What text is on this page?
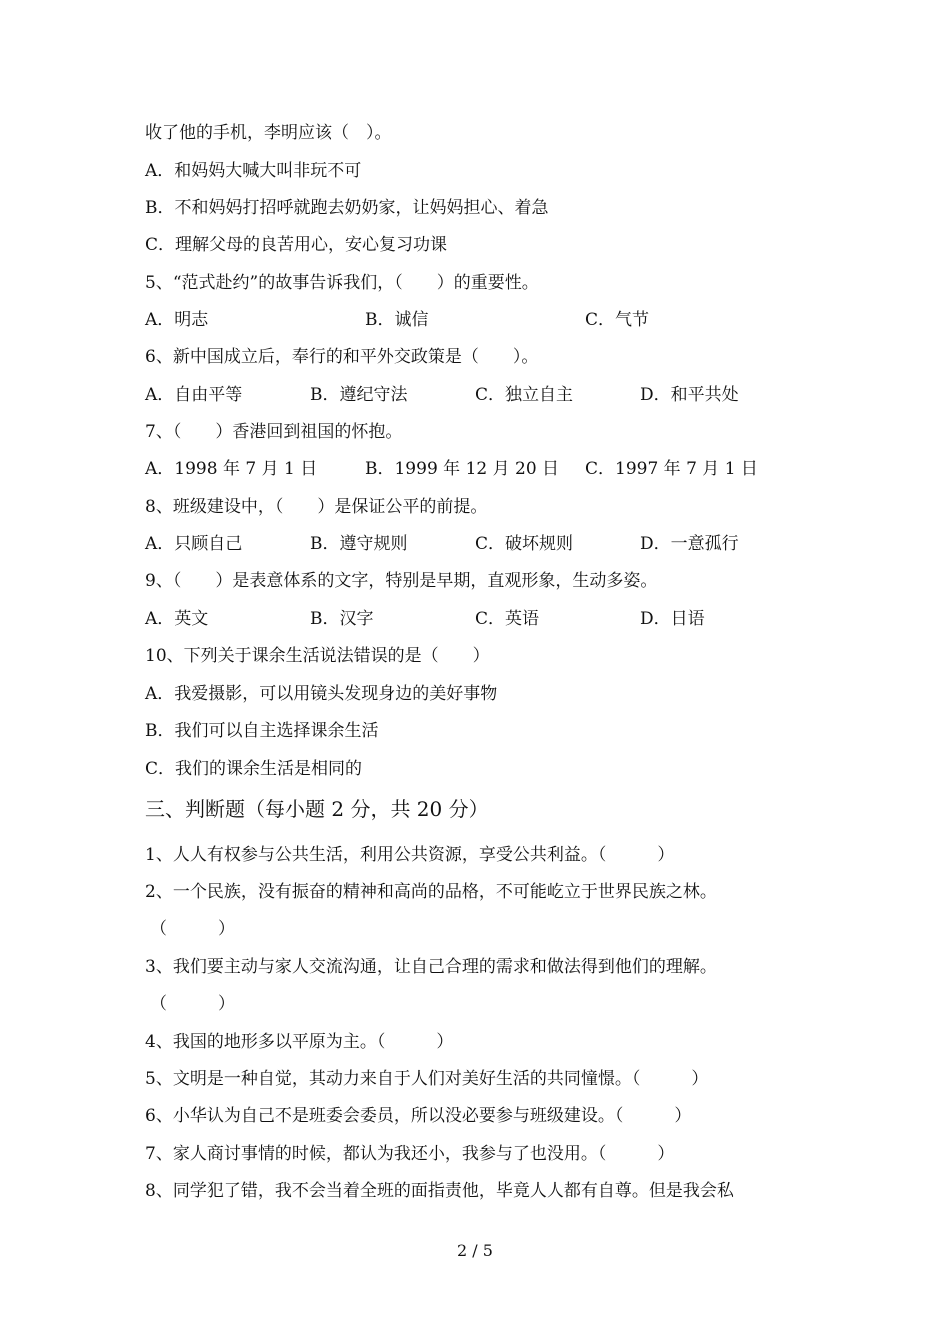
收了他的手机，李明应该（　）。
A．和妈妈大喊大叫非玩不可
B．不和妈妈打招呼就跑去奶奶家，让妈妈担心、着急
C．理解父母的良苦用心，安心复习功课
5、“范式赴约”的故事告诉我们，（　　）的重要性。
A．明志	B．诚信	C．气节
6、新中国成立后，奉行的和平外交政策是（　　）。
A．自由平等	B．遵纪守法	C．独立自主	D．和平共处
7、（　　）香港回到祖国的怀抱。
A．1998 年 7 月 1 日	B．1999 年 12 月 20 日 C．1997 年 7 月 1 日
8、班级建设中，（　　）是保证公平的前提。
A．只顾自己	B．遵守规则	C．破坏规则	D．一意孤行
9、（　　）是表意体系的文字，特别是早期，直观形象，生动多姿。
A．英文	B．汉字	C．英语	D．日语
10、下列关于课余生活说法错误的是（　　）
A．我爱摄影，可以用镜头发现身边的美好事物
B．我们可以自主选择课余生活
C．我们的课余生活是相同的
三、判断题（每小题 2 分，共 20 分）
1、人人有权参与公共生活，利用公共资源，享受公共利益。（　　　）
2、一个民族，没有振奋的精神和高尚的品格，不可能屹立于世界民族之林。
（　　　）
3、我们要主动与家人交流沟通，让自己合理的需求和做法得到他们的理解。
（　　　）
4、我国的地形多以平原为主。（　　　）
5、文明是一种自觉，其动力来自于人们对美好生活的共同憧憬。（　　　）
6、小华认为自己不是班委会委员，所以没必要参与班级建设。（　　　）
7、家人商讨事情的时候，都认为我还小，我参与了也没用。（　　　）
8、同学犯了错，我不会当着全班的面指责他，毕竟人人都有自尊。但是我会私
2 / 5
